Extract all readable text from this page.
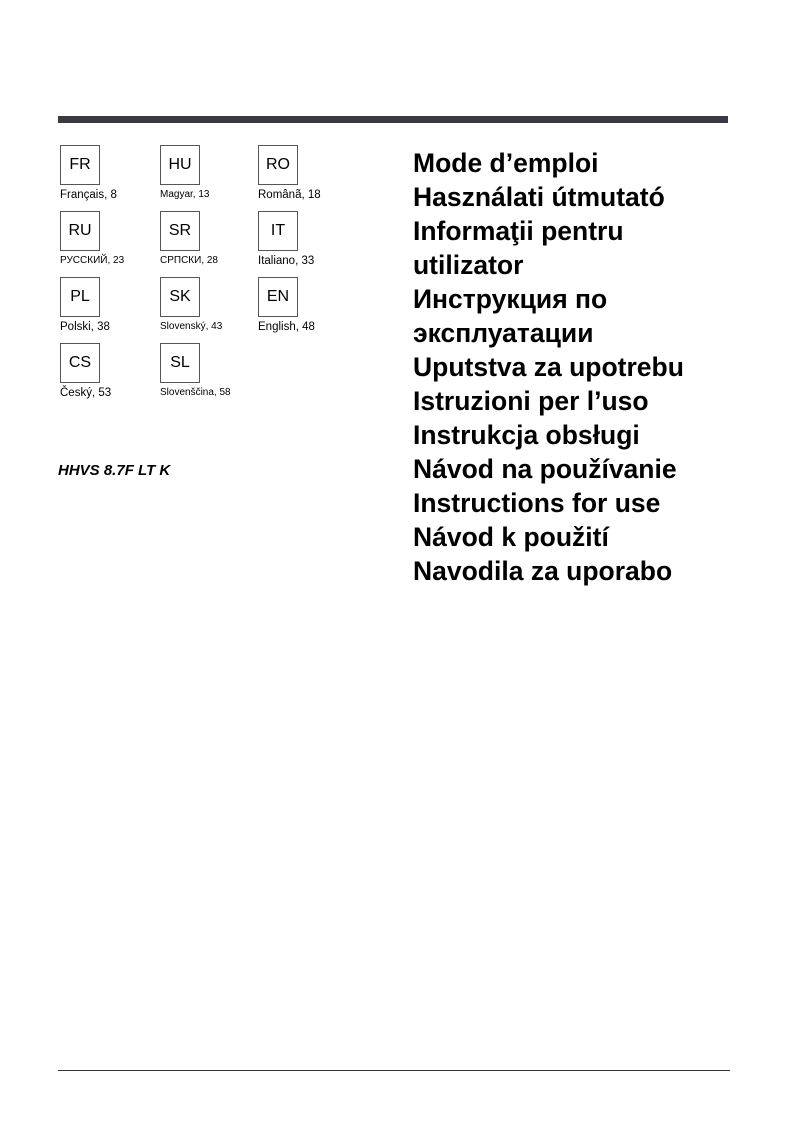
FR
Français, 8
HU
Magyar, 13
RO
Românã, 18
RU
РУССКИЙ, 23
SR
СРПСКИ, 28
IT
Italiano, 33
PL
Polski, 38
SK
Slovenský, 43
EN
English, 48
CS
Český, 53
SL
Slovenščina, 58
HHVS 8.7F LT K
Mode d’emploi
Használati útmutató
Informaţii pentru
utilizator
Инструкция по
эксплуатации
Uputstva za upotrebu
Istruzioni per l’uso
Instrukcja obsługi
Návod na používanie
Instructions for use
Návod k použití
Navodila za uporabo
